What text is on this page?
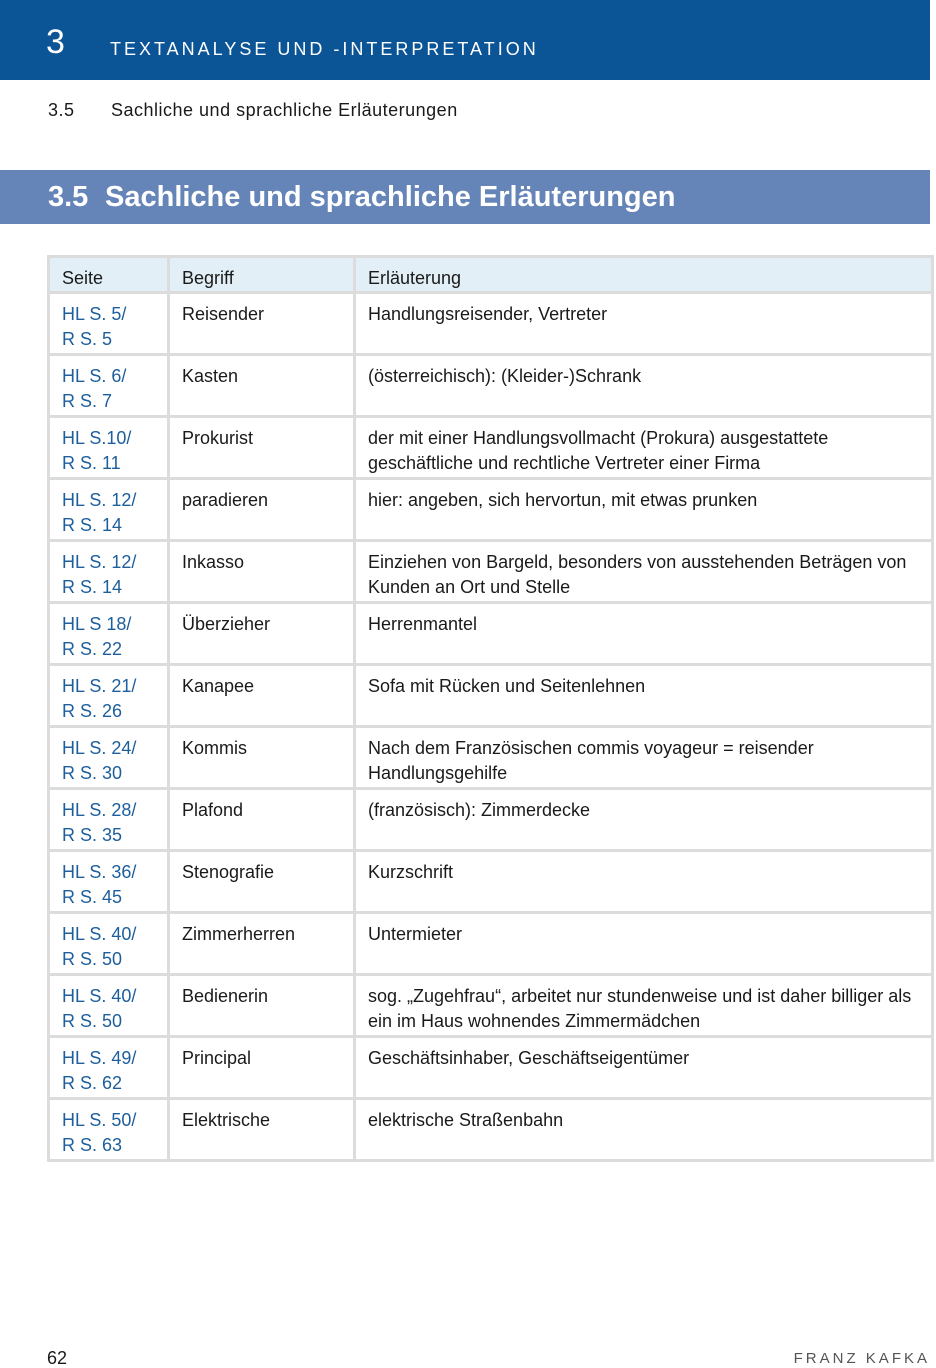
3	TEXTANALYSE UND -INTERPRETATION
3.5 Sachliche und sprachliche Erläuterungen
3.5 Sachliche und sprachliche Erläuterungen
Seite	Begriff	Erläuterung
HL S. 5/
R S. 5	Reisender	Handlungsreisender, Vertreter
HL S. 6/
R S. 7	Kasten	(österreichisch): (Kleider-)Schrank
HL S.10/
R S. 11	Prokurist	der mit einer Handlungsvollmacht (Prokura) ausgestattete geschäftliche und rechtliche Vertreter einer Firma
HL S. 12/
R S. 14	paradieren	hier: angeben, sich hervortun, mit etwas prunken
HL S. 12/
R S. 14	Inkasso	Einziehen von Bargeld, besonders von ausstehenden Beträgen von Kunden an Ort und Stelle
HL S 18/
R S. 22	Überzieher	Herrenmantel
HL S. 21/
R S. 26	Kanapee	Sofa mit Rücken und Seitenlehnen
HL S. 24/
R S. 30	Kommis	Nach dem Französischen commis voyageur = reisender Handlungsgehilfe
HL S. 28/
R S. 35	Plafond	(französisch): Zimmerdecke
HL S. 36/
R S. 45	Stenografie	Kurzschrift
HL S. 40/
R S. 50	Zimmerherren	Untermieter
HL S. 40/
R S. 50	Bedienerin	sog. „Zugehfrau“, arbeitet nur stundenweise und ist daher billiger als ein im Haus wohnendes Zimmermädchen
HL S. 49/
R S. 62	Principal	Geschäftsinhaber, Geschäftseigentümer
HL S. 50/
R S. 63	Elektrische	elektrische Straßenbahn
62	FRANZ KAFKA
